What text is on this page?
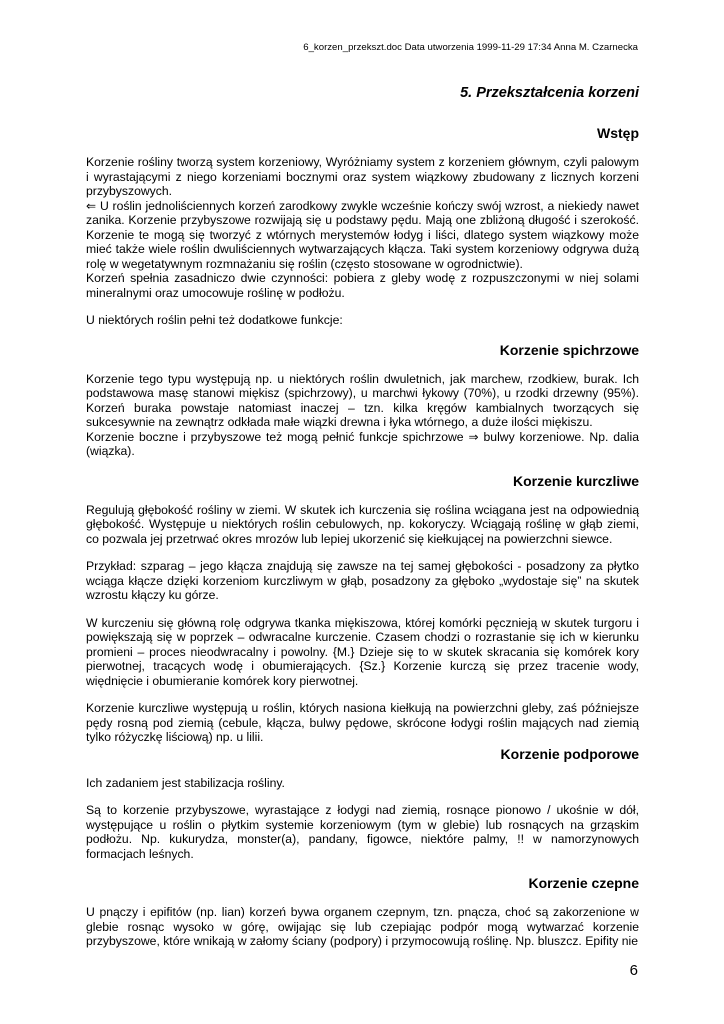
6_korzen_przekszt.doc Data utworzenia 1999-11-29 17:34 Anna M. Czarnecka
5. Przekształcenia korzeni
Wstęp

Korzenie rośliny tworzą system korzeniowy, Wyróżniamy system z korzeniem głównym, czyli palowym i wyrastającymi z niego korzeniami bocznymi oraz system wiązkowy zbudowany z licznych korzeni przybyszowych.

⇐ U roślin jednoliściennych korzeń zarodkowy zwykle wcześnie kończy swój wzrost, a niekiedy nawet zanika. Korzenie przybyszowe rozwijają się u podstawy pędu. Mają one zbliżoną długość i szerokość. Korzenie te mogą się tworzyć z wtórnych merystemów łodyg i liści, dlatego system wiązkowy może mieć także wiele roślin dwuliściennych wytwarzających kłącza. Taki system korzeniowy odgrywa dużą rolę w wegetatywnym rozmnażaniu się roślin (często stosowane w ogrodnictwie).

Korzeń spełnia zasadniczo dwie czynności: pobiera z gleby wodę z rozpuszczonymi w niej solami mineralnymi oraz umocowuje roślinę w podłożu.

U niektórych roślin pełni też dodatkowe funkcje:

Korzenie spichrzowe

Korzenie tego typu występują np. u niektórych roślin dwuletnich, jak marchew, rzodkiew, burak. Ich podstawowa masę stanowi miękisz (spichrzowy), u marchwi łykowy (70%), u rzodki drzewny (95%). Korzeń buraka powstaje natomiast inaczej – tzn. kilka kręgów kambialnych tworzących się sukcesywnie na zewnątrz odkłada małe wiązki drewna i łyka wtórnego, a duże ilości miękiszu.

Korzenie boczne i przybyszowe też mogą pełnić funkcje spichrzowe ⇒ bulwy korzeniowe. Np. dalia (wiązka).

Korzenie kurczliwe

Regulują głębokość rośliny w ziemi. W skutek ich kurczenia się roślina wciągana jest na odpowiednią głębokość. Występuje u niektórych roślin cebulowych, np. kokoryczy. Wciągają roślinę w głąb ziemi, co pozwala jej przetrwać okres mrozów lub lepiej ukorzenić się kiełkującej na powierzchni siewce.

Przykład: szparag – jego kłącza znajdują się zawsze na tej samej głębokości - posadzony za płytko wciąga kłącze dzięki korzeniom kurczliwym w głąb, posadzony za głęboko „wydostaje się” na skutek wzrostu kłączy ku górze.

W kurczeniu się główną rolę odgrywa tkanka miękiszowa, której komórki pęcznieją w skutek turgoru i powiększają się w poprzek – odwracalne kurczenie. Czasem chodzi o rozrastanie się ich w kierunku promieni – proces nieodwracalny i powolny. {M.} Dzieje się to w skutek skracania się komórek kory pierwotnej, tracących wodę i obumierających. {Sz.} Korzenie kurczą się przez tracenie wody, więdnięcie i obumieranie komórek kory pierwotnej.

Korzenie kurczliwe występują u roślin, których nasiona kiełkują na powierzchni gleby, zaś późniejsze pędy rosną pod ziemią (cebule, kłącza, bulwy pędowe, skrócone łodygi roślin mających nad ziemią tylko różyczkę liściową) np. u lilii.

Korzenie podporowe

Ich zadaniem jest stabilizacja rośliny.

Są to korzenie przybyszowe, wyrastające z łodygi nad ziemią, rosnące pionowo / ukośnie w dół, występujące u roślin o płytkim systemie korzeniowym (tym w glebie) lub rosnących na grząskim podłożu. Np. kukurydza, monster(a), pandany, figowce, niektóre palmy, !! w namorzynowych formacjach leśnych.

Korzenie czepne

U pnączy i epifitów (np. lian) korzeń bywa organem czepnym, tzn. pnącza, choć są zakorzenione w glebie rosnąc wysoko w górę, owijając się lub czepiając podpór mogą wytwarzać korzenie przybyszowe, które wnikają w załomy ściany (podpory) i przymocowują roślinę. Np. bluszcz. Epifity nie

6
